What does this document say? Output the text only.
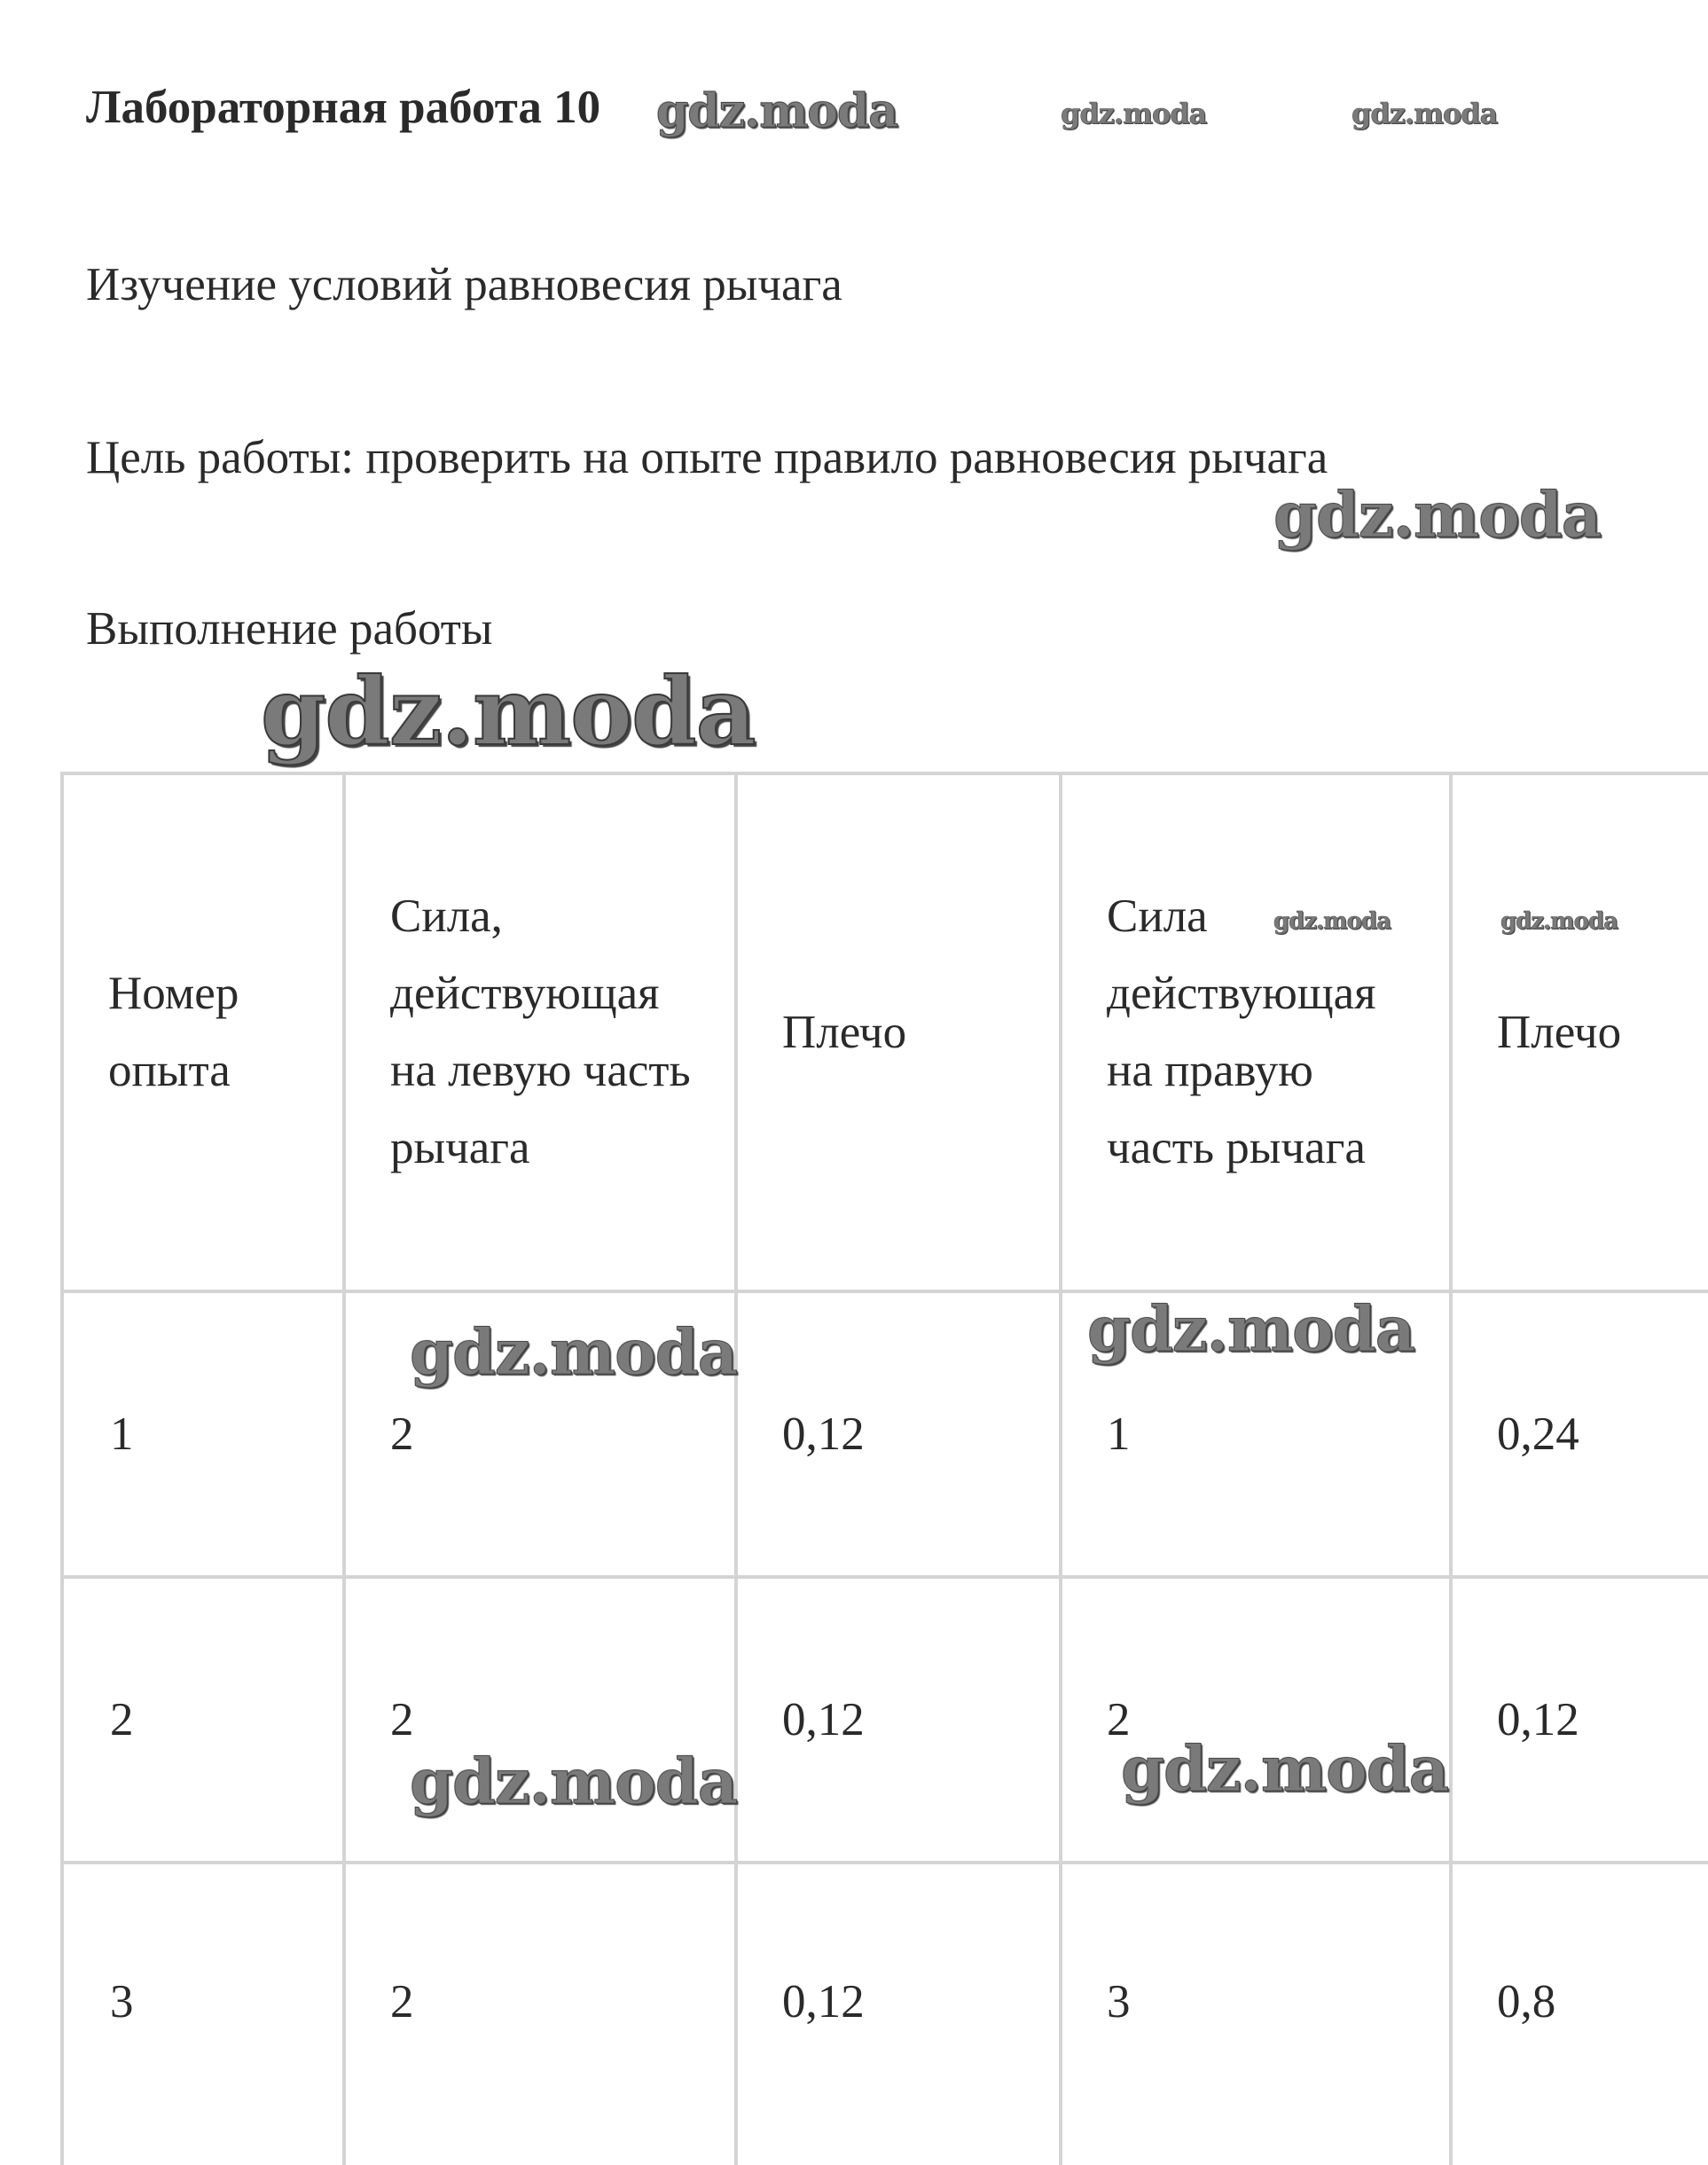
Лабораторная работа 10
Изучение условий равновесия рычага
Цель работы: проверить на опыте правило равновесия рычага
Выполнение работы
Номер опыта	Сила, действующая на левую часть рычага	Плечо	Сила действующая на правую часть рычага	Плечо

1	2	0,12	1	0,24
2	2	0,12	2	0,12
3	2	0,12	3	0,8
gdz.moda	gdz.moda	gdz.moda
gdz.moda
gdz.moda
gdz.moda	gdz.moda
gdz.moda
gdz.moda
gdz.moda
gdz.moda
